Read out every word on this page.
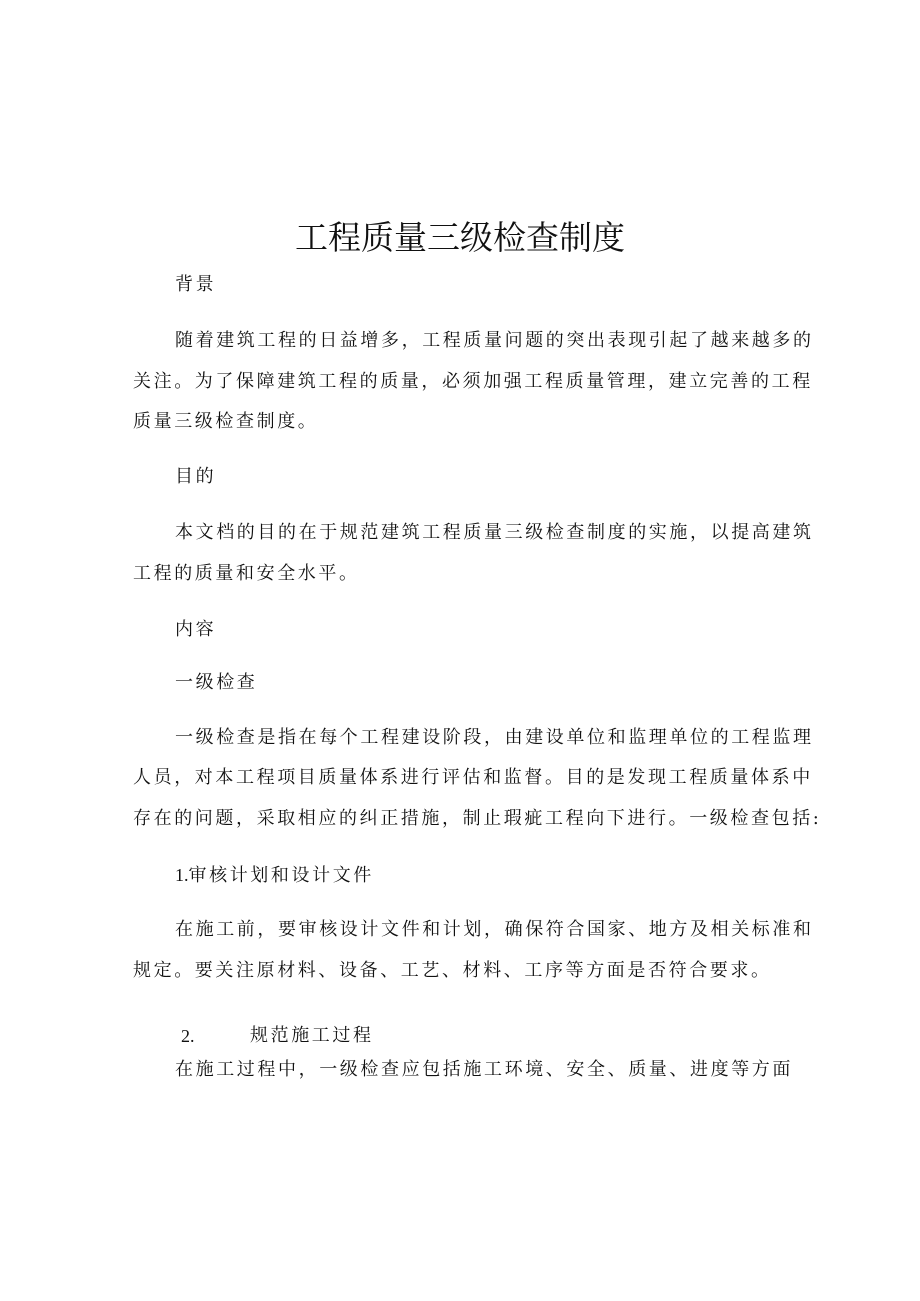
工程质量三级检查制度
背景
随着建筑工程的日益增多，工程质量问题的突出表现引起了越来越多的
关注。为了保障建筑工程的质量，必须加强工程质量管理，建立完善的工程
质量三级检查制度。
目的
本文档的目的在于规范建筑工程质量三级检查制度的实施，以提高建筑
工程的质量和安全水平。
内容
一级检查
一级检查是指在每个工程建设阶段，由建设单位和监理单位的工程监理
人员，对本工程项目质量体系进行评估和监督。目的是发现工程质量体系中
存在的问题，采取相应的纠正措施，制止瑕疵工程向下进行。一级检查包括:
1.审核计划和设计文件
在施工前，要审核设计文件和计划，确保符合国家、地方及相关标准和
规定。要关注原材料、设备、工艺、材料、工序等方面是否符合要求。
2.	规范施工过程
在施工过程中，一级检查应包括施工环境、安全、质量、进度等方面
